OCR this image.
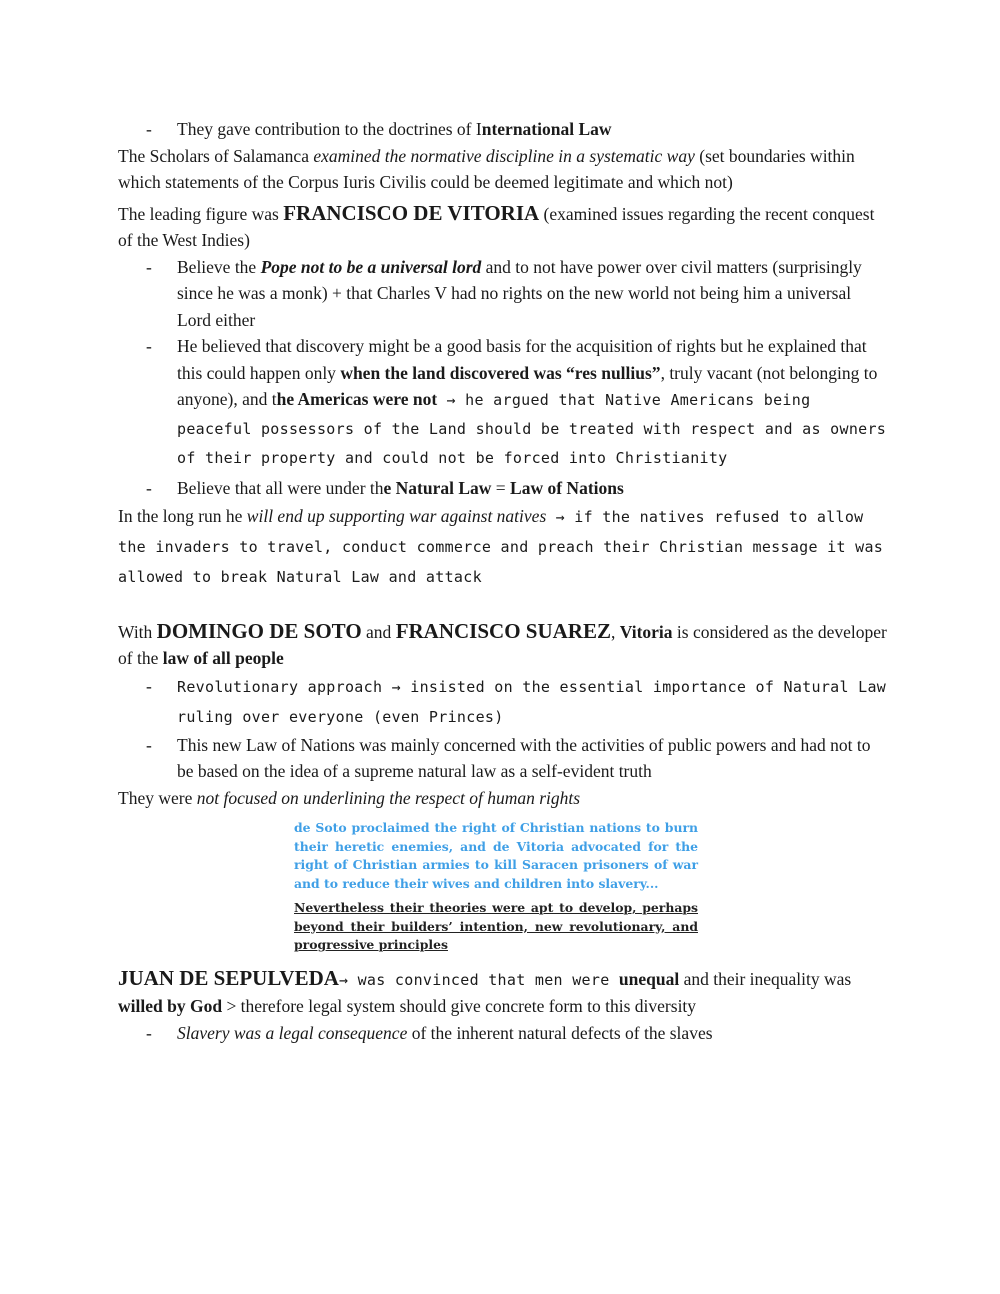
- They gave contribution to the doctrines of International Law

The Scholars of Salamanca examined the normative discipline in a systematic way (set boundaries within which statements of the Corpus Iuris Civilis could be deemed legitimate and which not)

The leading figure was FRANCISCO DE VITORIA (examined issues regarding the recent conquest of the West Indies)

- Believe the Pope not to be a universal lord and to not have power over civil matters (surprisingly since he was a monk) + that Charles V had no rights on the new world not being him a universal Lord either

- He believed that discovery might be a good basis for the acquisition of rights but he explained that this could happen only when the land discovered was “res nullius”, truly vacant (not belonging to anyone), and the Americas were not → he argued that Native Americans being peaceful possessors of the Land should be treated with respect and as owners of their property and could not be forced into Christianity

- Believe that all were under the Natural Law = Law of Nations

In the long run he will end up supporting war against natives → if the natives refused to allow the invaders to travel, conduct commerce and preach their Christian message it was allowed to break Natural Law and attack

With DOMINGO DE SOTO and FRANCISCO SUAREZ, Vitoria is considered as the developer of the law of all people

- Revolutionary approach → insisted on the essential importance of Natural Law ruling over everyone (even Princes)

- This new Law of Nations was mainly concerned with the activities of public powers and had not to be based on the idea of a supreme natural law as a self-evident truth

They were not focused on underlining the respect of human rights

de Soto proclaimed the right of Christian nations to burn their heretic enemies, and de Vitoria advocated for the right of Christian armies to kill Saracen prisoners of war and to reduce their wives and children into slavery...
Nevertheless their theories were apt to develop, perhaps beyond their builders’ intention, new revolutionary, and progressive principles

JUAN DE SEPULVEDA→ was convinced that men were unequal and their inequality was willed by God > therefore legal system should give concrete form to this diversity

- Slavery was a legal consequence of the inherent natural defects of the slaves
